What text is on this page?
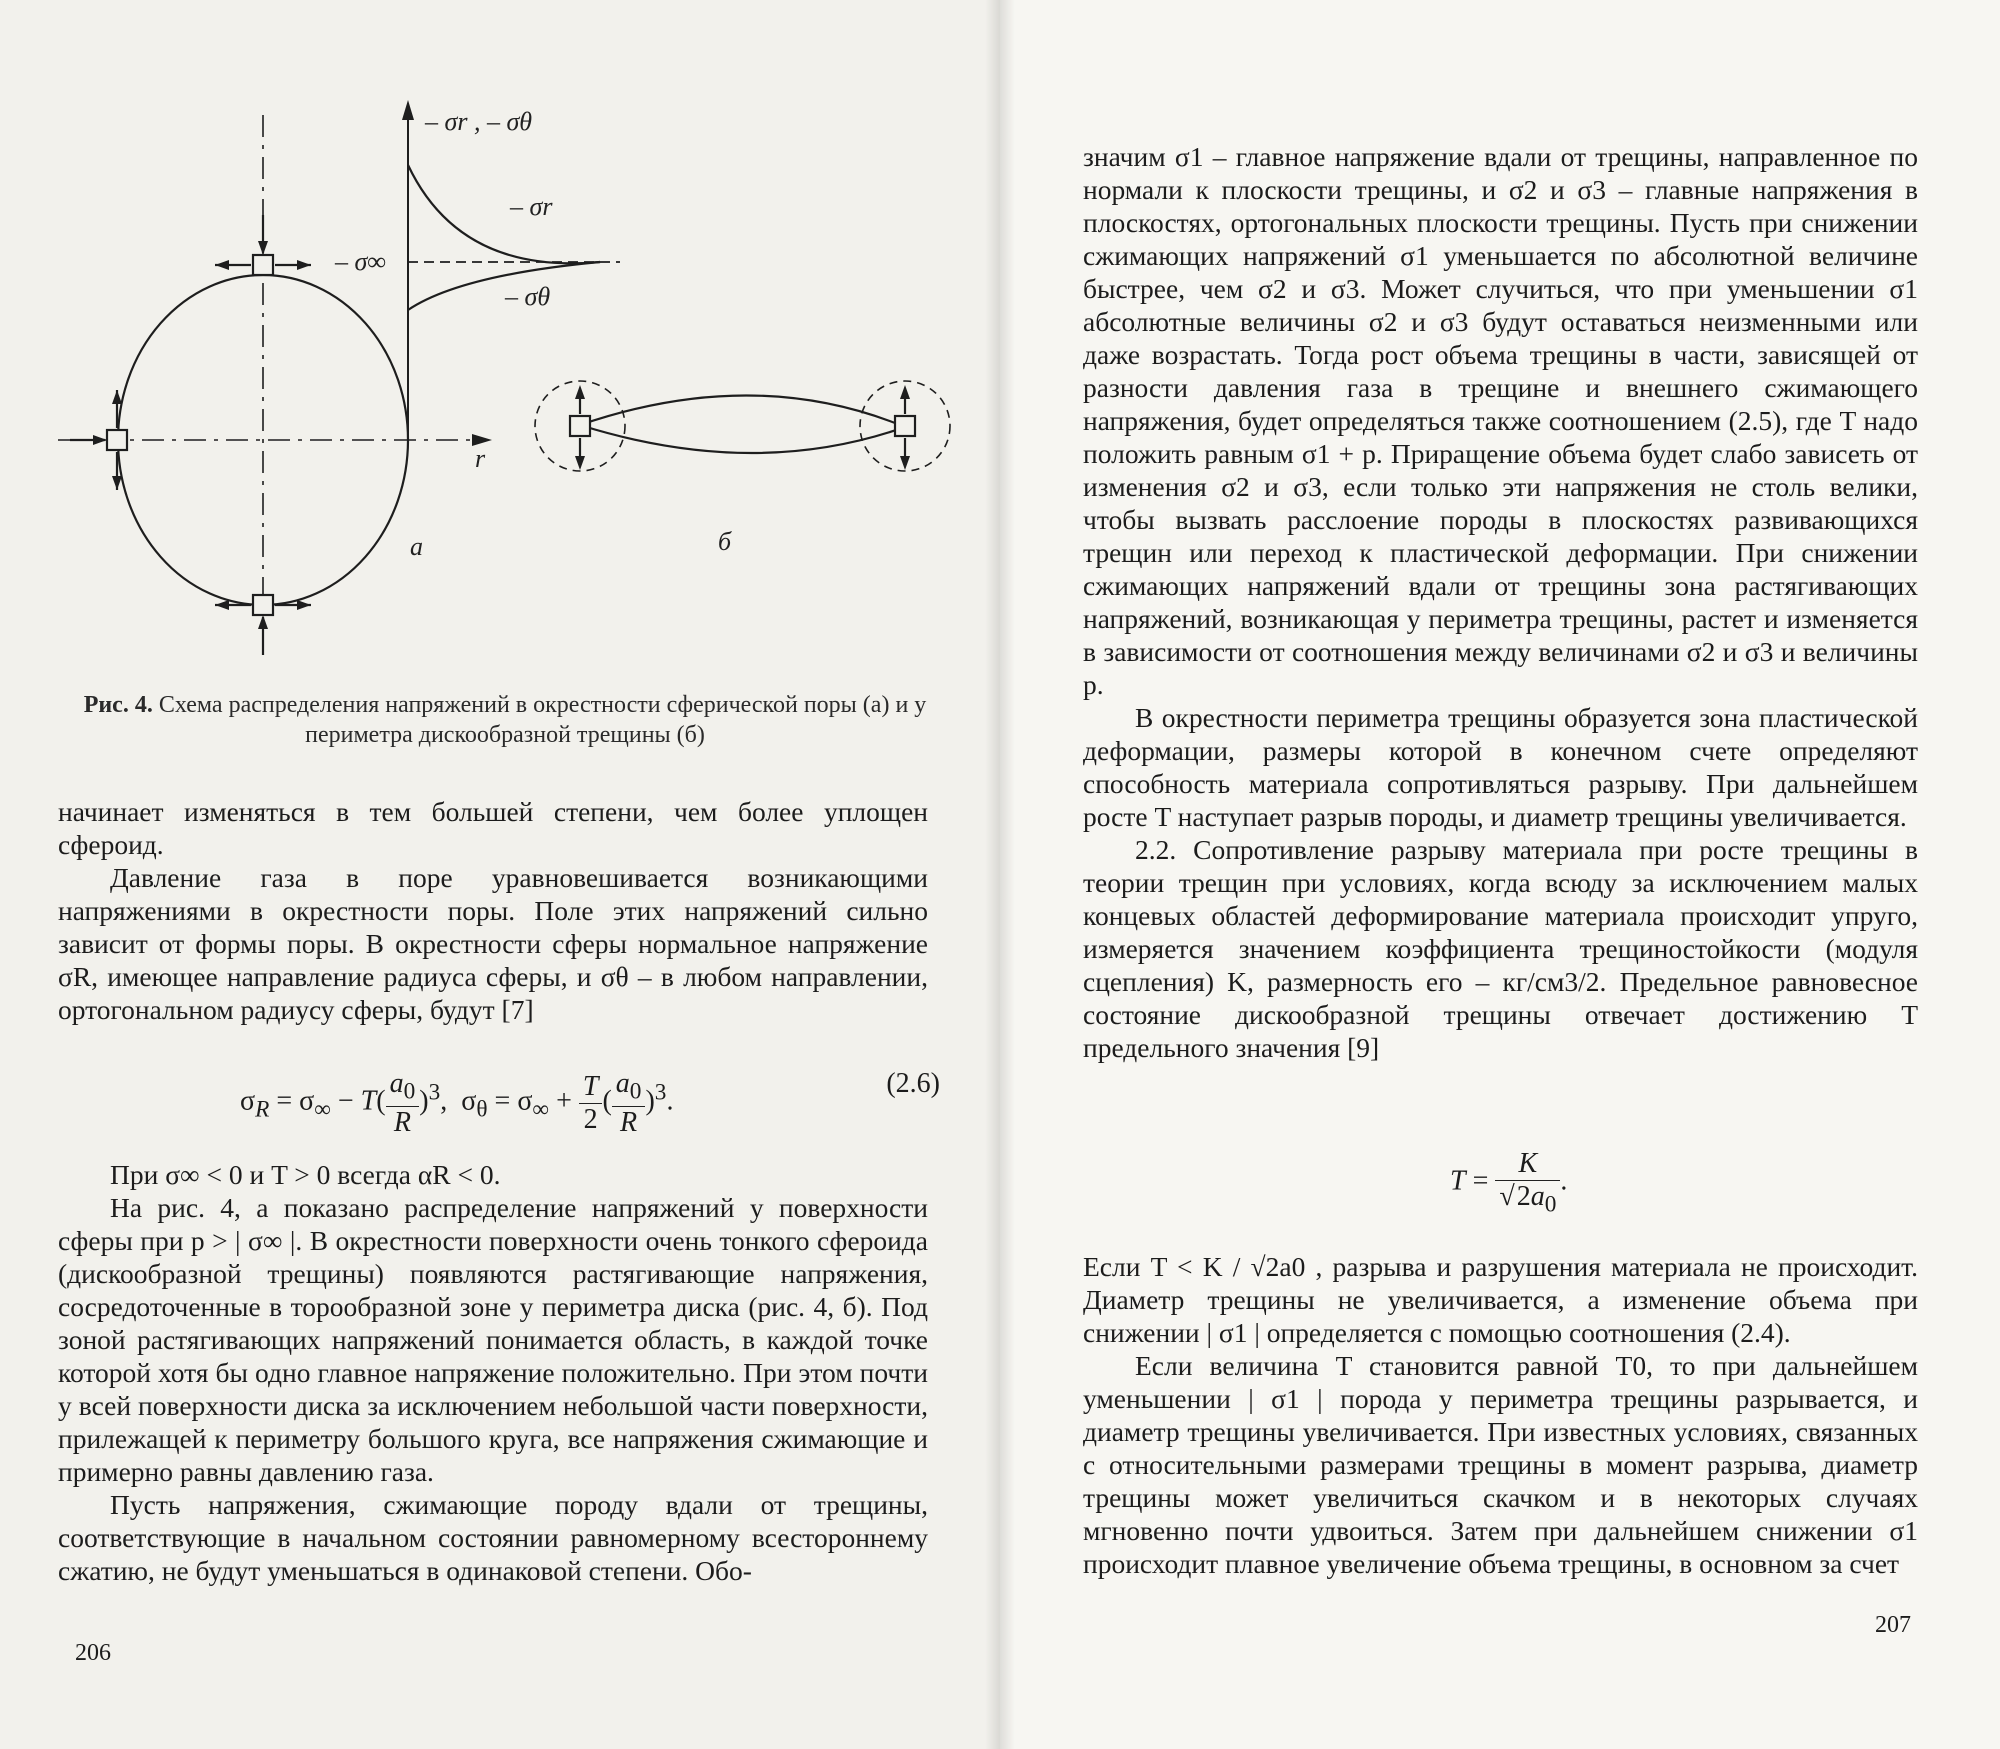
– σr , – σθ
– σr
– σ∞
– σθ
r
а	б
Рис. 4. Схема распределения напряжений в окрестности сферической поры (а) и у периметра дискообразной трещины (б)

начинает изменяться в тем большей степени, чем более уплощен сфероид.

Давление газа в поре уравновешивается возникающими напряжениями в окрестности поры. Поле этих напряжений сильно зависит от формы поры. В окрестности сферы нормальное напряжение σR, имеющее направление радиуса сферы, и σθ – в любом направлении, ортогональном радиусу сферы, будут [7]

$\sigma_R = \sigma_\infty - T( \frac{a_0}{R} )^3$,  $\sigma_\theta = \sigma_\infty + \frac{T}{2}$ ( $\frac{a_0}{R} )^3$.
(2.6)

При σ∞ < 0 и T > 0 всегда αR < 0.

На рис. 4, а показано распределение напряжений у поверхности сферы при p > | σ∞ |. В окрестности поверхности очень тонкого сфероида (дискообразной трещины) появляются растягивающие напряжения, сосредоточенные в торообразной зоне у периметра диска (рис. 4, б). Под зоной растягивающих напряжений понимается область, в каждой точке которой хотя бы одно главное напряжение положительно. При этом почти у всей поверхности диска за исключением небольшой части поверхности, прилежащей к периметру большого круга, все напряжения сжимающие и примерно равны давлению газа.

Пусть напряжения, сжимающие породу вдали от трещины, соответствующие в начальном состоянии равномерному всестороннему сжатию, не будут уменьшаться в одинаковой степени. Обо-

206

значим σ1 – главное напряжение вдали от трещины, направленное по нормали к плоскости трещины, и σ2 и σ3 – главные напряжения в плоскостях, ортогональных плоскости трещины. Пусть при снижении сжимающих напряжений σ1 уменьшается по абсолютной величине быстрее, чем σ2 и σ3. Может случиться, что при уменьшении σ1 абсолютные величины σ2 и σ3 будут оставаться неизменными или даже возрастать. Тогда рост объема трещины в части, зависящей от разности давления газа в трещине и внешнего сжимающего напряжения, будет определяться также соотношением (2.5), где T надо положить равным σ1 + p. Приращение объема будет слабо зависеть от изменения σ2 и σ3, если только эти напряжения не столь велики, чтобы вызвать расслоение породы в плоскостях развивающихся трещин или переход к пластической деформации. При снижении сжимающих напряжений вдали от трещины зона растягивающих напряжений, возникающая у периметра трещины, растет и изменяется в зависимости от соотношения между величинами σ2 и σ3 и величины p.

В окрестности периметра трещины образуется зона пластической деформации, размеры которой в конечном счете определяют способность материала сопротивляться разрыву. При дальнейшем росте T наступает разрыв породы, и диаметр трещины увеличивается.

2.2. Сопротивление разрыву материала при росте трещины в теории трещин при условиях, когда всюду за исключением малых концевых областей деформирование материала происходит упруго, измеряется значением коэффициента трещиностойкости (модуля сцепления) K, размерность его – кг/см3/2. Предельное равновесное состояние дискообразной трещины отвечает достижению T предельного значения [9]

$T = \frac{K}{√2a_0}$ .

Если T < K / √2a0 , разрыва и разрушения материала не происходит. Диаметр трещины не увеличивается, а изменение объема при снижении | σ1 | определяется с помощью соотношения (2.4).

Если величина T становится равной T0, то при дальнейшем уменьшении | σ1 | порода у периметра трещины разрывается, и диаметр трещины увеличивается. При известных условиях, связанных с относительными размерами трещины в момент разрыва, диаметр трещины может увеличиться скачком и в некоторых случаях мгновенно почти удвоиться. Затем при дальнейшем снижении σ1 происходит плавное увеличение объема трещины, в основном за счет

207
